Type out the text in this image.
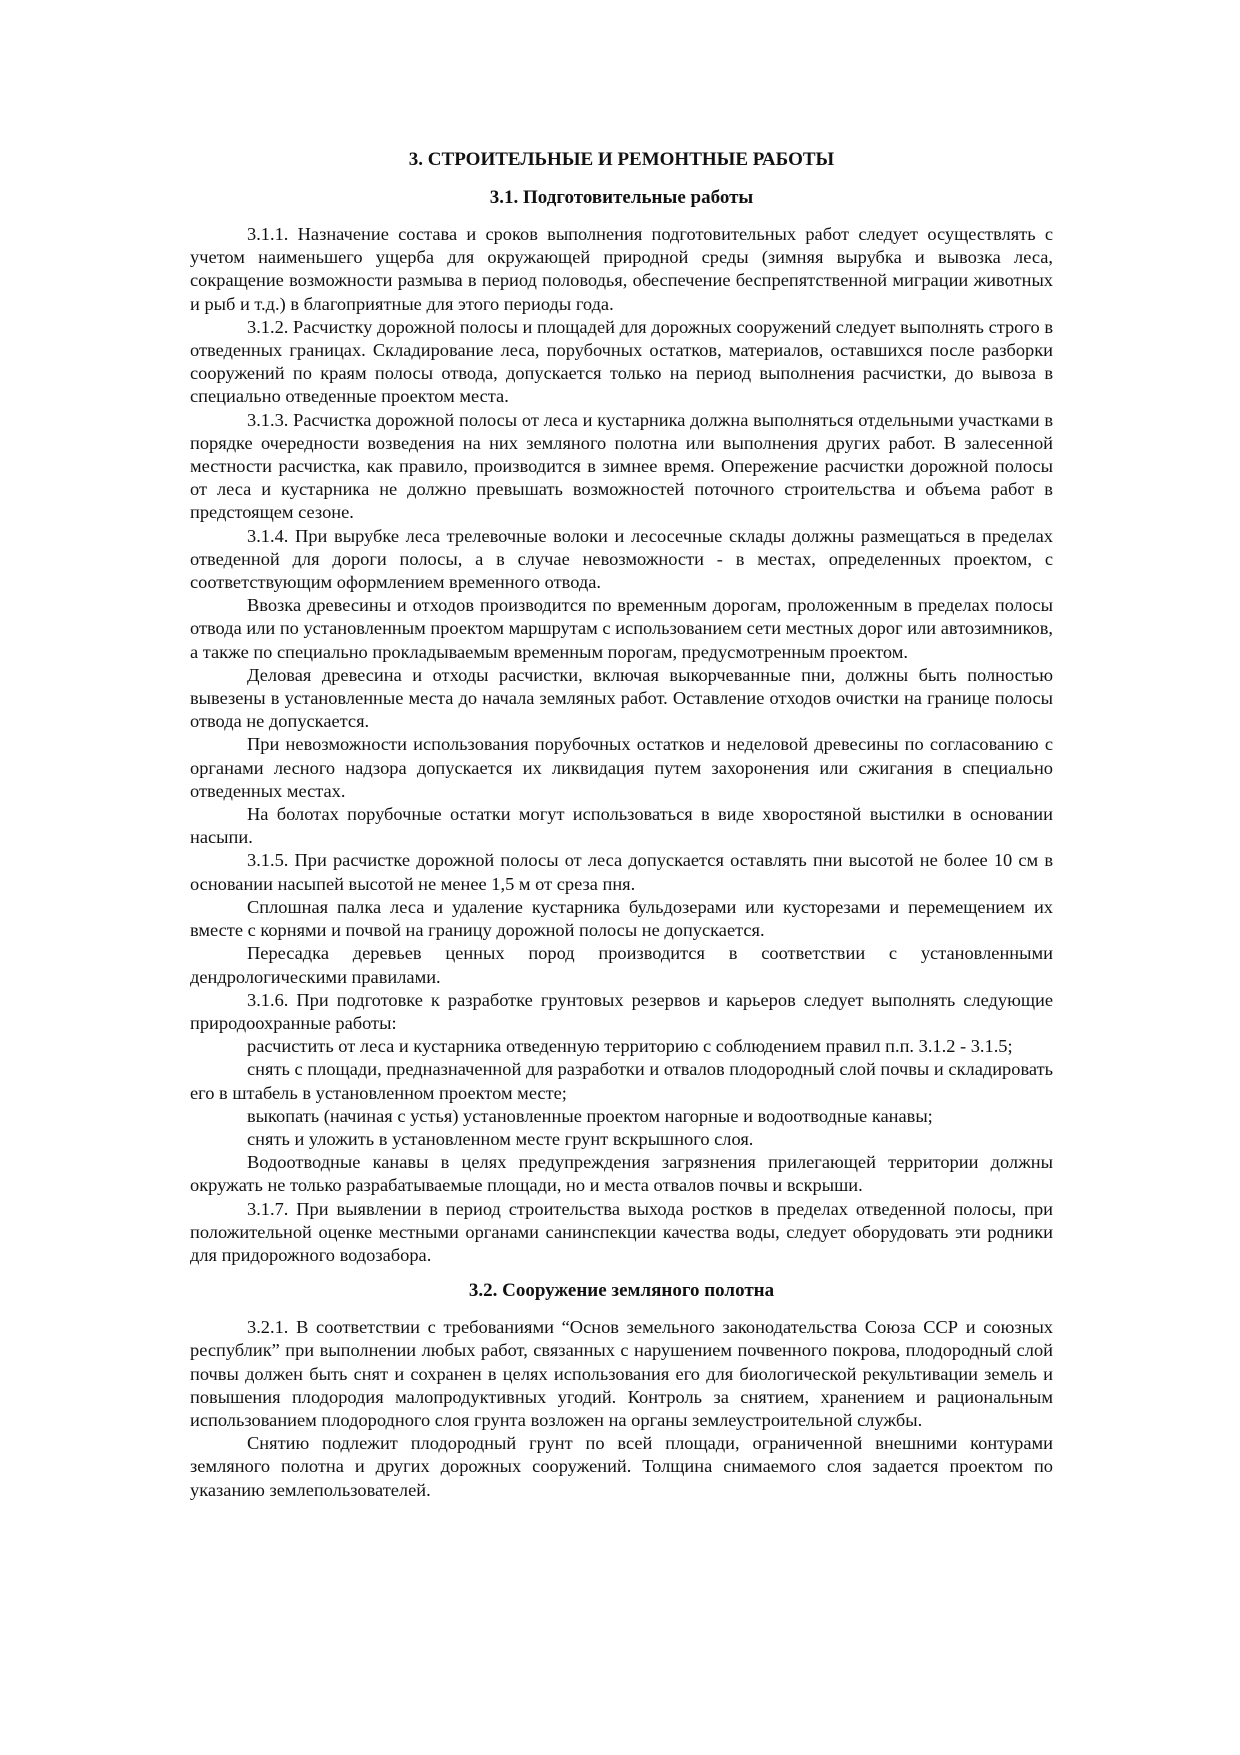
3. СТРОИТЕЛЬНЫЕ И РЕМОНТНЫЕ РАБОТЫ
3.1. Подготовительные работы

3.1.1. Назначение состава и сроков выполнения подготовительных работ следует осуществлять с учетом наименьшего ущерба для окружающей природной среды (зимняя вырубка и вывозка леса, сокращение возможности размыва в период половодья, обеспечение беспрепятственной миграции животных и рыб и т.д.) в благоприятные для этого периоды года.

3.1.2. Расчистку дорожной полосы и площадей для дорожных сооружений следует выполнять строго в отведенных границах. Складирование леса, порубочных остатков, материалов, оставшихся после разборки сооружений по краям полосы отвода, допускается только на период выполнения расчистки, до вывоза в специально отведенные проектом места.

3.1.3. Расчистка дорожной полосы от леса и кустарника должна выполняться отдельными участками в порядке очередности возведения на них земляного полотна или выполнения других работ. В залесенной местности расчистка, как правило, производится в зимнее время. Опережение расчистки дорожной полосы от леса и кустарника не должно превышать возможностей поточного строительства и объема работ в предстоящем сезоне.

3.1.4. При вырубке леса трелевочные волоки и лесосечные склады должны размещаться в пределах отведенной для дороги полосы, а в случае невозможности - в местах, определенных проектом, с соответствующим оформлением временного отвода.

Ввозка древесины и отходов производится по временным дорогам, проложенным в пределах полосы отвода или по установленным проектом маршрутам с использованием сети местных дорог или автозимников, а также по специально прокладываемым временным порогам, предусмотренным проектом.

Деловая древесина и отходы расчистки, включая выкорчеванные пни, должны быть полностью вывезены в установленные места до начала земляных работ. Оставление отходов очистки на границе полосы отвода не допускается.

При невозможности использования порубочных остатков и неделовой древесины по согласованию с органами лесного надзора допускается их ликвидация путем захоронения или сжигания в специально отведенных местах.

На болотах порубочные остатки могут использоваться в виде хворостяной выстилки в основании насыпи.

3.1.5. При расчистке дорожной полосы от леса допускается оставлять пни высотой не более 10 см в основании насыпей высотой не менее 1,5 м от среза пня.

Сплошная палка леса и удаление кустарника бульдозерами или кусторезами и перемещением их вместе с корнями и почвой на границу дорожной полосы не допускается.

Пересадка деревьев ценных пород производится в соответствии с установленными дендрологическими правилами.

3.1.6. При подготовке к разработке грунтовых резервов и карьеров следует выполнять следующие природоохранные работы:

расчистить от леса и кустарника отведенную территорию с соблюдением правил п.п. 3.1.2 - 3.1.5;

снять с площади, предназначенной для разработки и отвалов плодородный слой почвы и складировать его в штабель в установленном проектом месте;

выкопать (начиная с устья) установленные проектом нагорные и водоотводные канавы;

снять и уложить в установленном месте грунт вскрышного слоя.

Водоотводные канавы в целях предупреждения загрязнения прилегающей территории должны окружать не только разрабатываемые площади, но и места отвалов почвы и вскрыши.

3.1.7. При выявлении в период строительства выхода ростков в пределах отведенной полосы, при положительной оценке местными органами санинспекции качества воды, следует оборудовать эти родники для придорожного водозабора.

3.2. Сооружение земляного полотна

3.2.1. В соответствии с требованиями “Основ земельного законодательства Союза ССР и союзных республик” при выполнении любых работ, связанных с нарушением почвенного покрова, плодородный слой почвы должен быть снят и сохранен в целях использования его для биологической рекультивации земель и повышения плодородия малопродуктивных угодий. Контроль за снятием, хранением и рациональным использованием плодородного слоя грунта возложен на органы землеустроительной службы.

Снятию подлежит плодородный грунт по всей площади, ограниченной внешними контурами земляного полотна и других дорожных сооружений. Толщина снимаемого слоя задается проектом по указанию землепользователей.
